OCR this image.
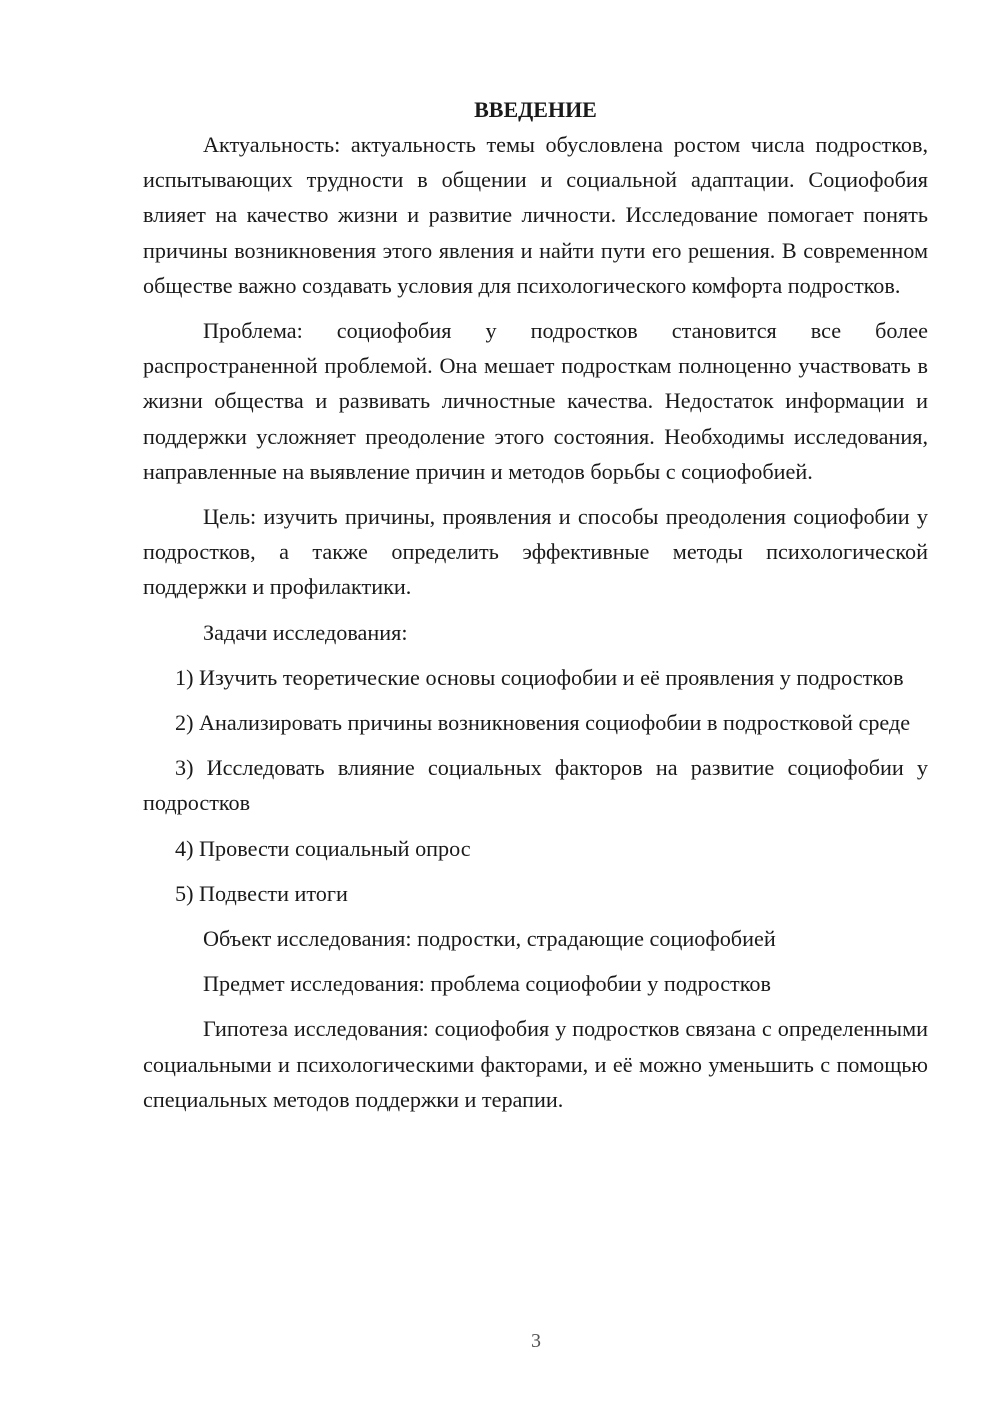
ВВЕДЕНИЕ

Актуальность: актуальность темы обусловлена ростом числа подростков, испытывающих трудности в общении и социальной адаптации. Социофобия влияет на качество жизни и развитие личности. Исследование помогает понять причины возникновения этого явления и найти пути его решения. В современном обществе важно создавать условия для психологического комфорта подростков.

Проблема: социофобия у подростков становится все более распространенной проблемой. Она мешает подросткам полноценно участвовать в жизни общества и развивать личностные качества. Недостаток информации и поддержки усложняет преодоление этого состояния. Необходимы исследования, направленные на выявление причин и методов борьбы с социофобией.

Цель: изучить причины, проявления и способы преодоления социофобии у подростков, а также определить эффективные методы психологической поддержки и профилактики.

Задачи исследования:

1) Изучить теоретические основы социофобии и её проявления у подростков

2) Анализировать причины возникновения социофобии в подростковой среде

3) Исследовать влияние социальных факторов на развитие социофобии у подростков

4) Провести социальный опрос

5) Подвести итоги

Объект исследования: подростки, страдающие социофобией

Предмет исследования: проблема социофобии у подростков

Гипотеза исследования: социофобия у подростков связана с определенными социальными и психологическими факторами, и её можно уменьшить с помощью специальных методов поддержки и терапии.

3
